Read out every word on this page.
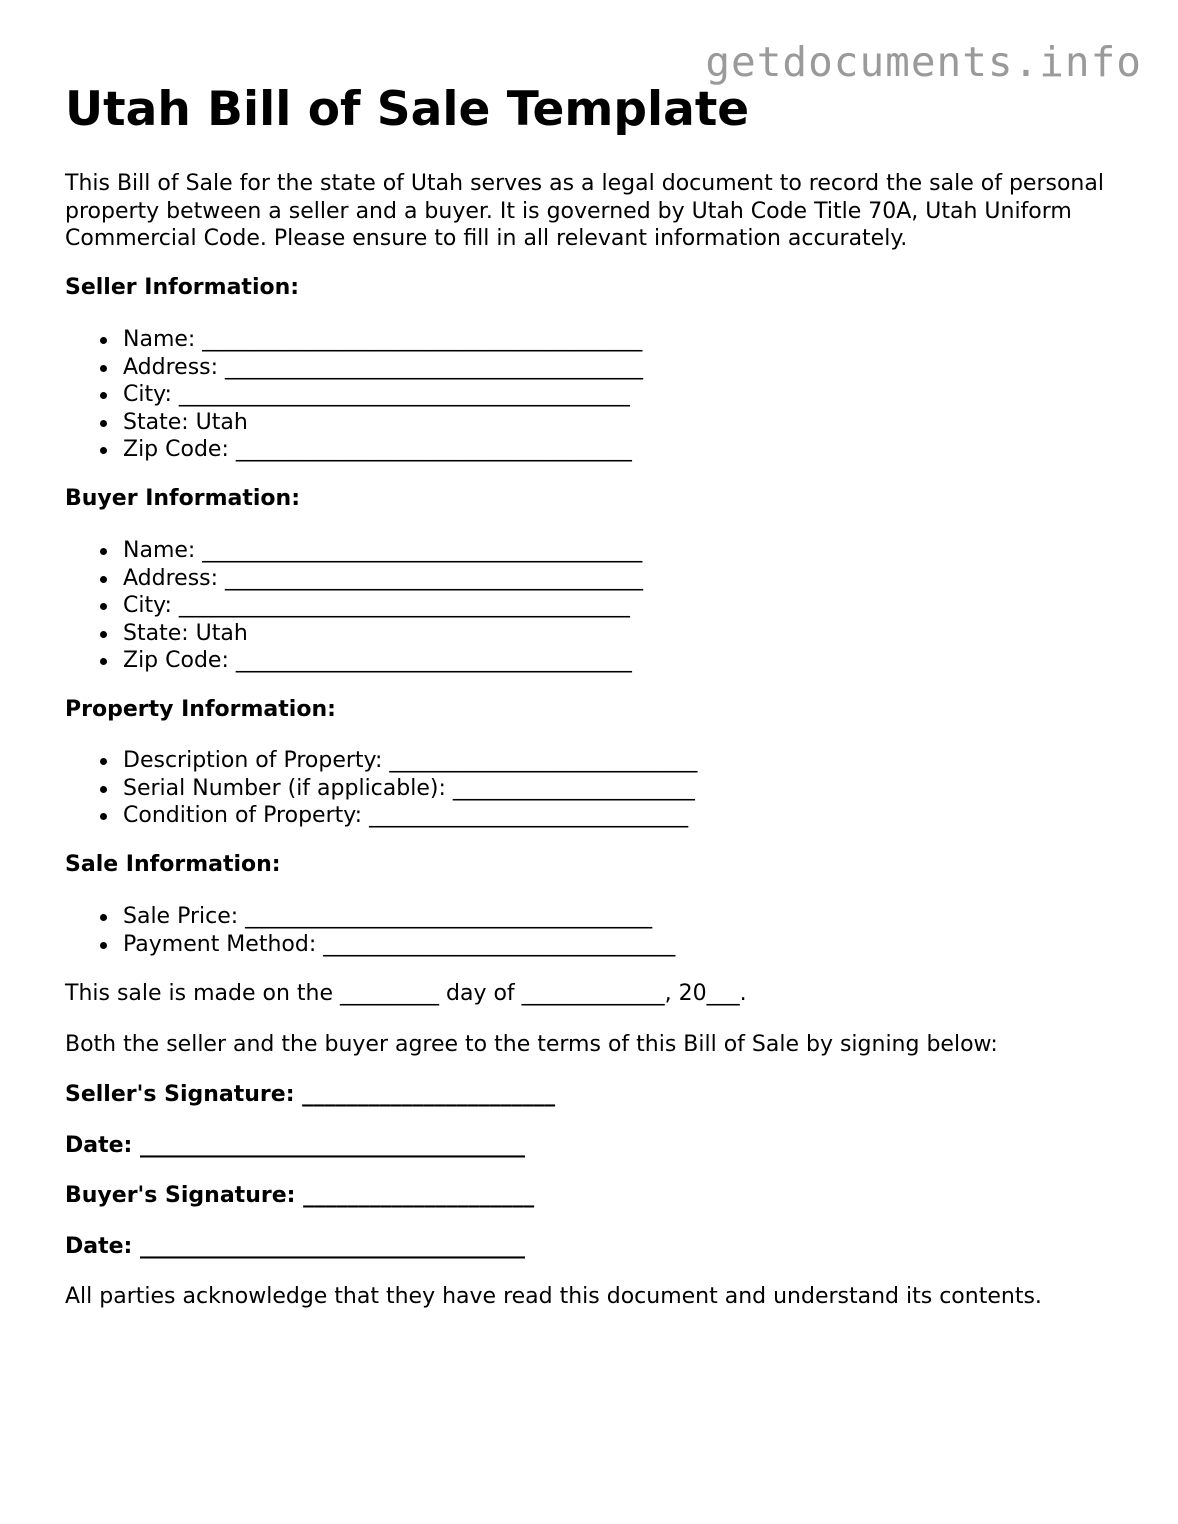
getdocuments.info
Utah Bill of Sale Template

This Bill of Sale for the state of Utah serves as a legal document to record the sale of personal property between a seller and a buyer. It is governed by Utah Code Title 70A, Utah Uniform Commercial Code. Please ensure to fill in all relevant information accurately.

Seller Information:

Name: ________________________________________
Address: ______________________________________
City: _________________________________________
State: Utah
Zip Code: ____________________________________

Buyer Information:

Name: ________________________________________
Address: ______________________________________
City: _________________________________________
State: Utah
Zip Code: ____________________________________

Property Information:

Description of Property: ____________________________
Serial Number (if applicable): ______________________
Condition of Property: _____________________________

Sale Information:

Sale Price: _____________________________________
Payment Method: ________________________________

This sale is made on the _________ day of _____________, 20___.

Both the seller and the buyer agree to the terms of this Bill of Sale by signing below:

Seller's Signature: _______________________

Date: ___________________________________

Buyer's Signature: _____________________

Date: ___________________________________

All parties acknowledge that they have read this document and understand its contents.
